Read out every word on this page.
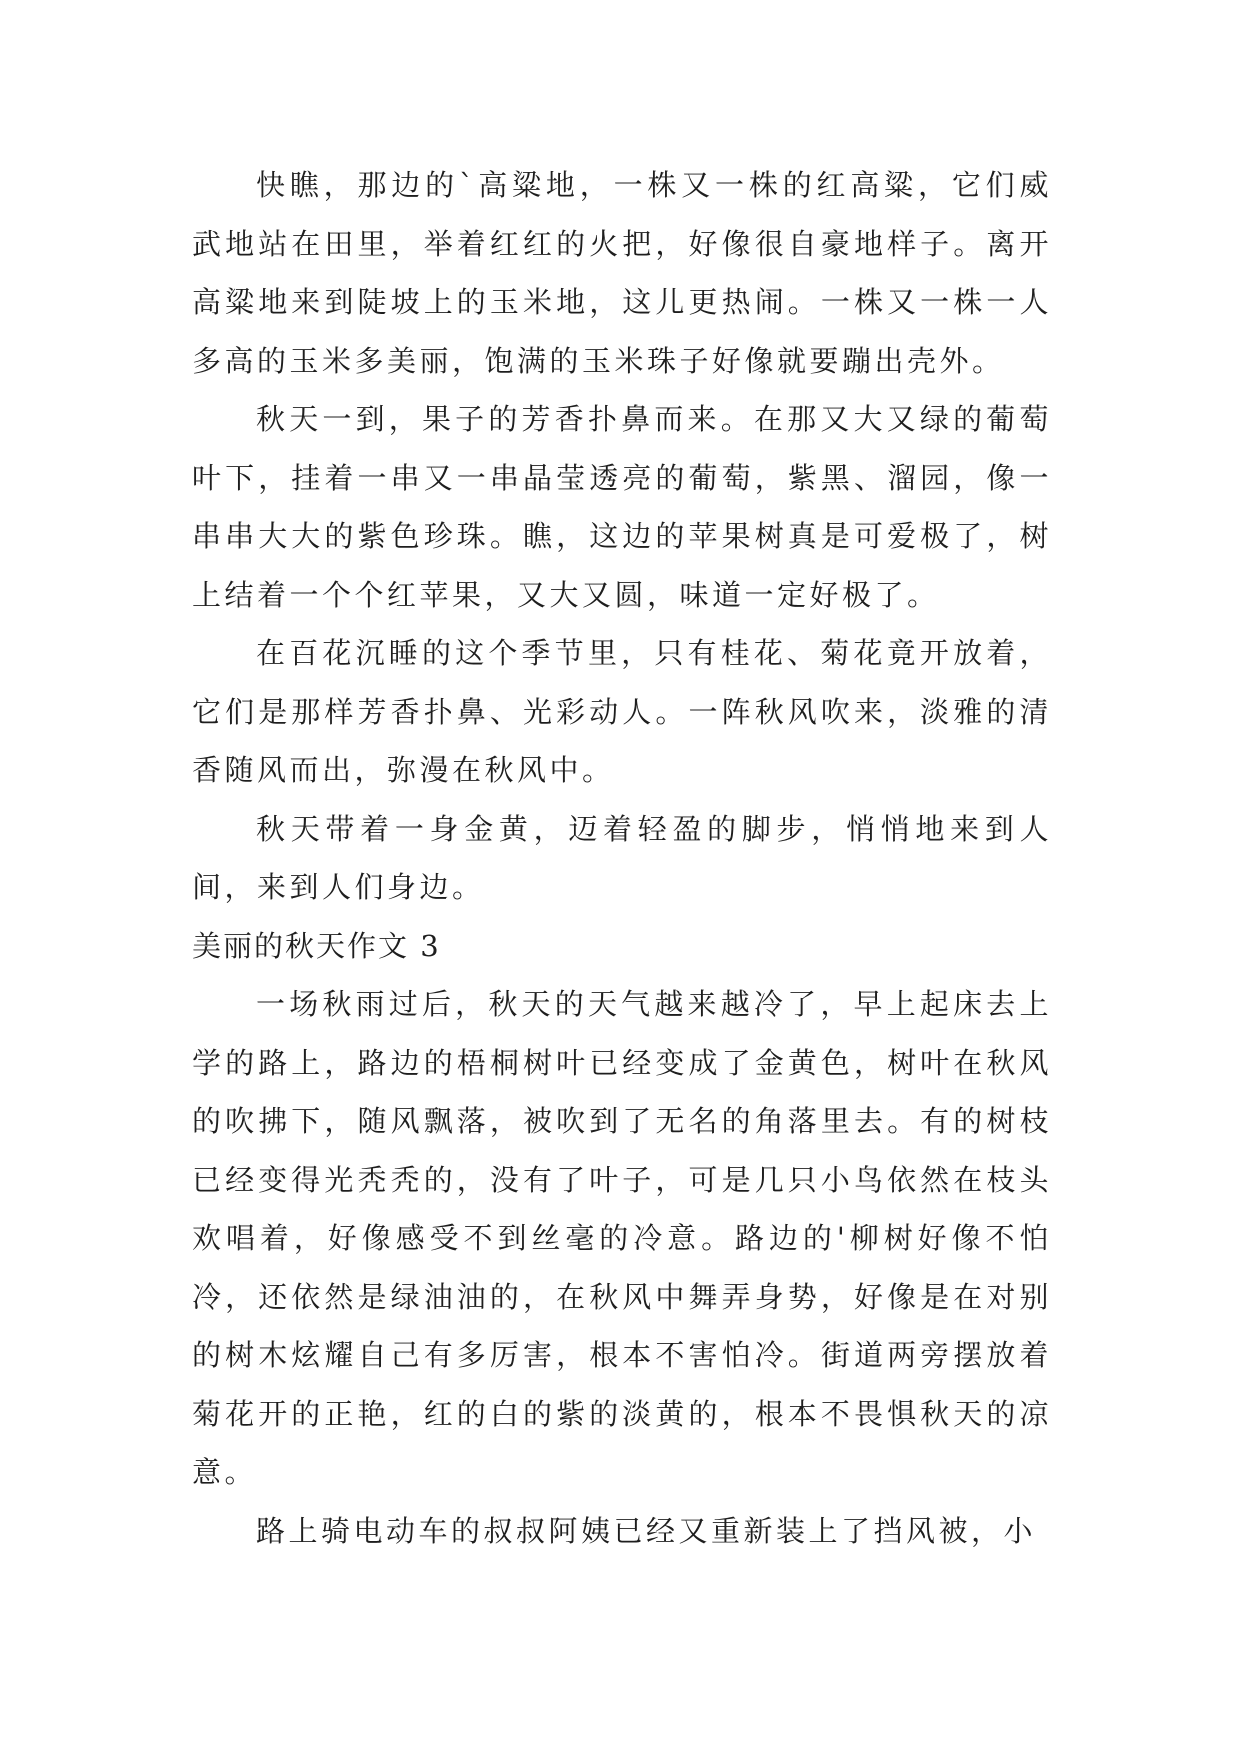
快瞧，那边的`高粱地，一株又一株的红高粱，它们威武地站在田里，举着红红的火把，好像很自豪地样子。离开高粱地来到陡坡上的玉米地，这儿更热闹。一株又一株一人多高的玉米多美丽，饱满的玉米珠子好像就要蹦出壳外。

秋天一到，果子的芳香扑鼻而来。在那又大又绿的葡萄叶下，挂着一串又一串晶莹透亮的葡萄，紫黑、溜园，像一串串大大的紫色珍珠。瞧，这边的苹果树真是可爱极了，树上结着一个个红苹果，又大又圆，味道一定好极了。

在百花沉睡的这个季节里，只有桂花、菊花竟开放着，它们是那样芳香扑鼻、光彩动人。一阵秋风吹来，淡雅的清香随风而出，弥漫在秋风中。

秋天带着一身金黄，迈着轻盈的脚步，悄悄地来到人间，来到人们身边。

美丽的秋天作文 3

一场秋雨过后，秋天的天气越来越冷了，早上起床去上学的路上，路边的梧桐树叶已经变成了金黄色，树叶在秋风的吹拂下，随风飘落，被吹到了无名的角落里去。有的树枝已经变得光秃秃的，没有了叶子，可是几只小鸟依然在枝头欢唱着，好像感受不到丝毫的冷意。路边的'柳树好像不怕冷，还依然是绿油油的，在秋风中舞弄身势，好像是在对别的树木炫耀自己有多厉害，根本不害怕冷。街道两旁摆放着菊花开的正艳，红的白的紫的淡黄的，根本不畏惧秋天的凉意。

路上骑电动车的叔叔阿姨已经又重新装上了挡风被，小
